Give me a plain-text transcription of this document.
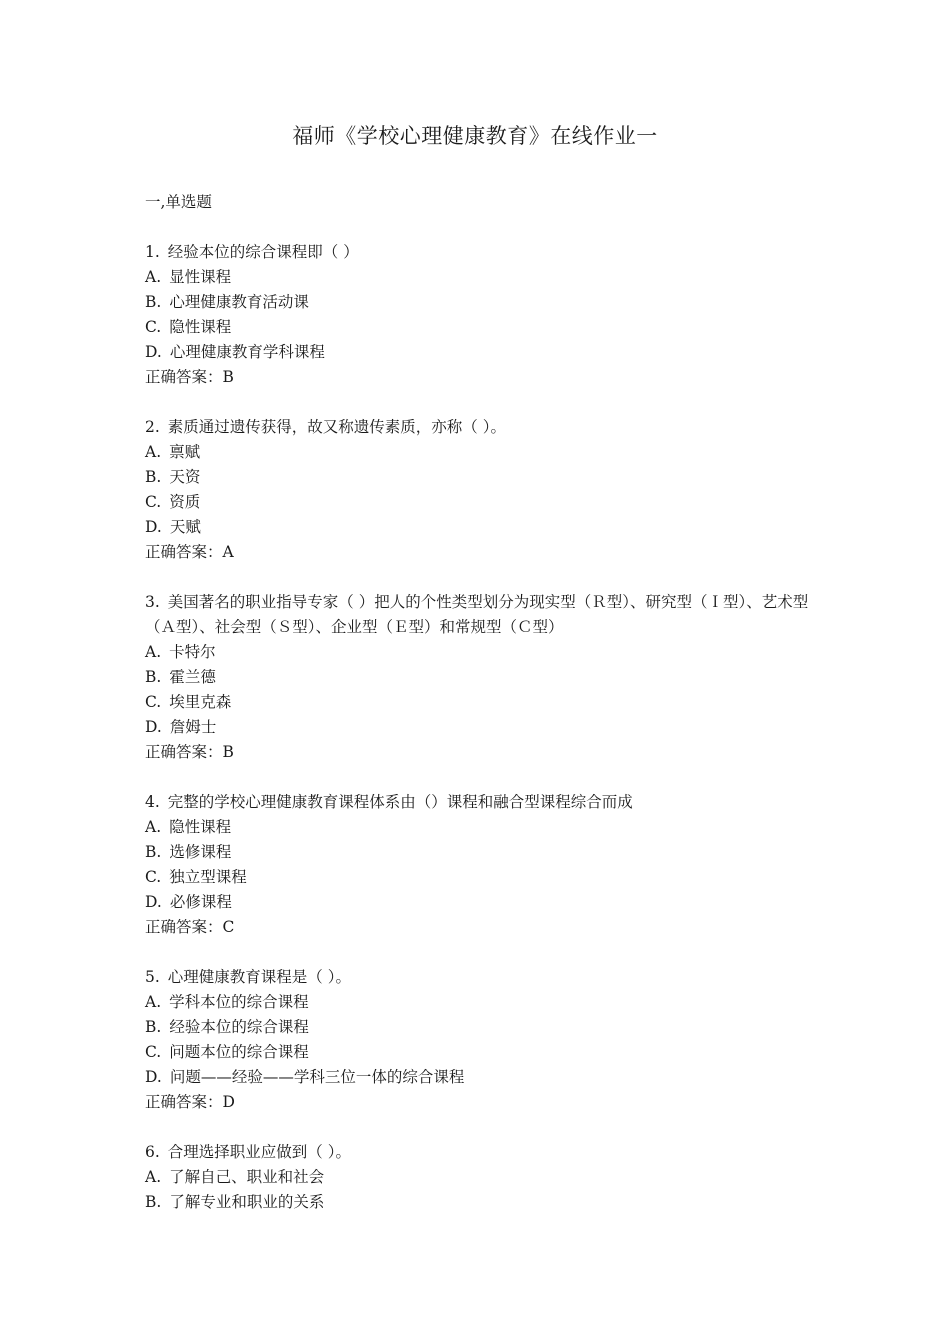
福师《学校心理健康教育》在线作业一
一,单选题
1. 经验本位的综合课程即（ ）
A. 显性课程
B. 心理健康教育活动课
C. 隐性课程
D. 心理健康教育学科课程
正确答案：B
2. 素质通过遗传获得，故又称遗传素质，亦称（ ）。
A. 禀赋
B. 天资
C. 资质
D. 天赋
正确答案：A
3. 美国著名的职业指导专家（ ）把人的个性类型划分为现实型（Ｒ型）、研究型（Ｉ型）、艺术型（Ａ型）、社会型（Ｓ型）、企业型（Ｅ型）和常规型（Ｃ型）
A. 卡特尔
B. 霍兰德
C. 埃里克森
D. 詹姆士
正确答案：B
4. 完整的学校心理健康教育课程体系由（）课程和融合型课程综合而成
A. 隐性课程
B. 选修课程
C. 独立型课程
D. 必修课程
正确答案：C
5. 心理健康教育课程是（ ）。
A. 学科本位的综合课程
B. 经验本位的综合课程
C. 问题本位的综合课程
D. 问题——经验——学科三位一体的综合课程
正确答案：D
6. 合理选择职业应做到（ ）。
A. 了解自己、职业和社会
B. 了解专业和职业的关系
